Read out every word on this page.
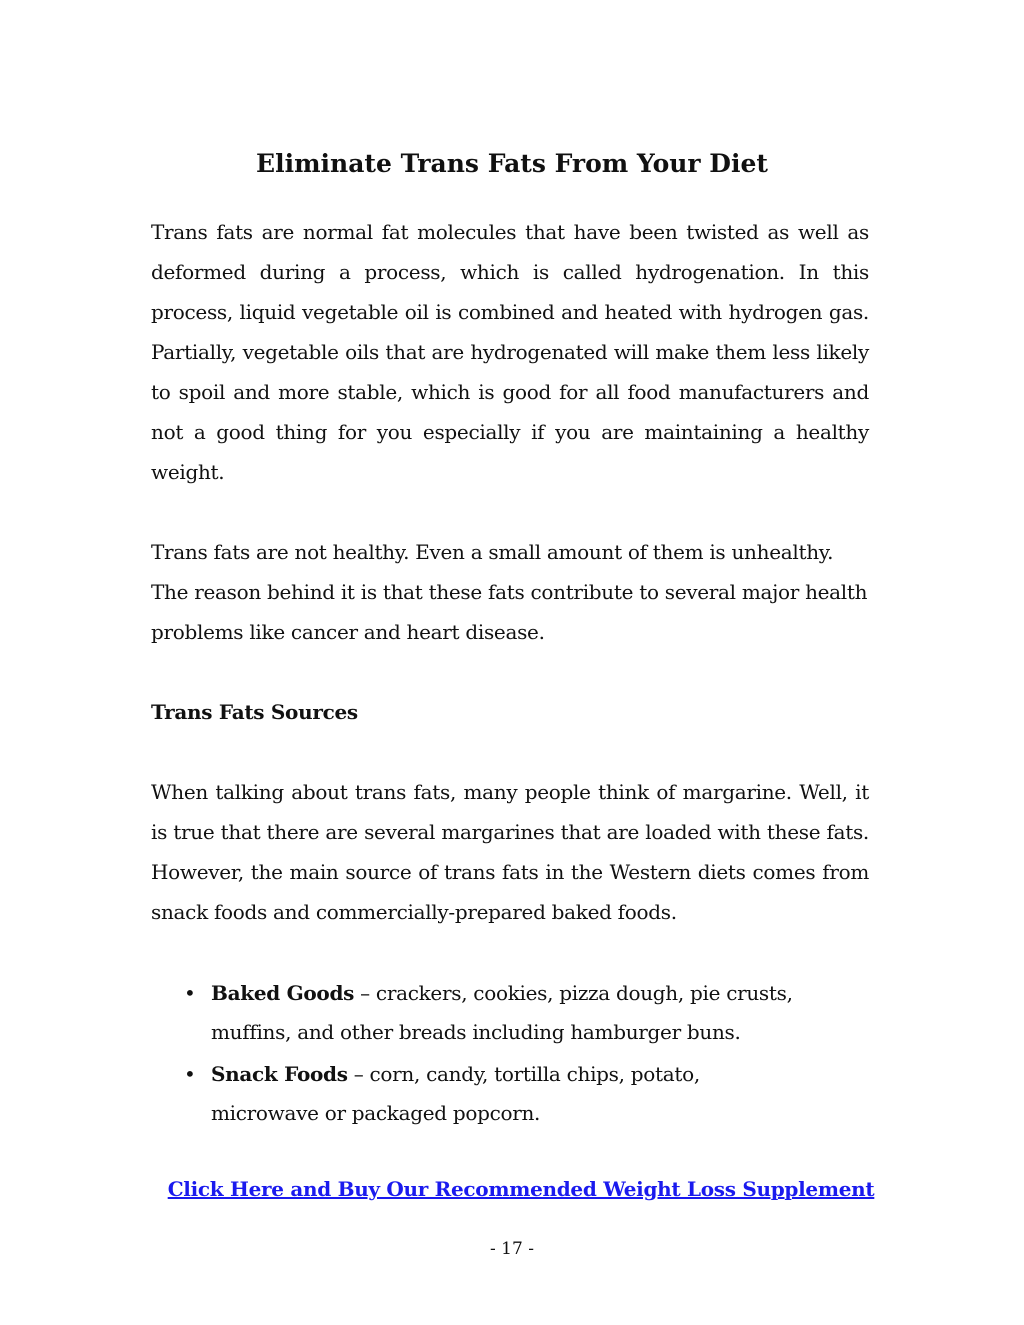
Eliminate Trans Fats From Your Diet

Trans fats are normal fat molecules that have been twisted as well as deformed during a process, which is called hydrogenation. In this process, liquid vegetable oil is combined and heated with hydrogen gas. Partially, vegetable oils that are hydrogenated will make them less likely to spoil and more stable, which is good for all food manufacturers and not a good thing for you especially if you are maintaining a healthy weight.

Trans fats are not healthy. Even a small amount of them is unhealthy. The reason behind it is that these fats contribute to several major health problems like cancer and heart disease.

Trans Fats Sources

When talking about trans fats, many people think of margarine. Well, it is true that there are several margarines that are loaded with these fats. However, the main source of trans fats in the Western diets comes from snack foods and commercially-prepared baked foods.

• Baked Goods – crackers, cookies, pizza dough, pie crusts, muffins, and other breads including hamburger buns.
• Snack Foods – corn, candy, tortilla chips, potato, microwave or packaged popcorn.
Click Here and Buy Our Recommended Weight Loss Supplement
- 17 -
